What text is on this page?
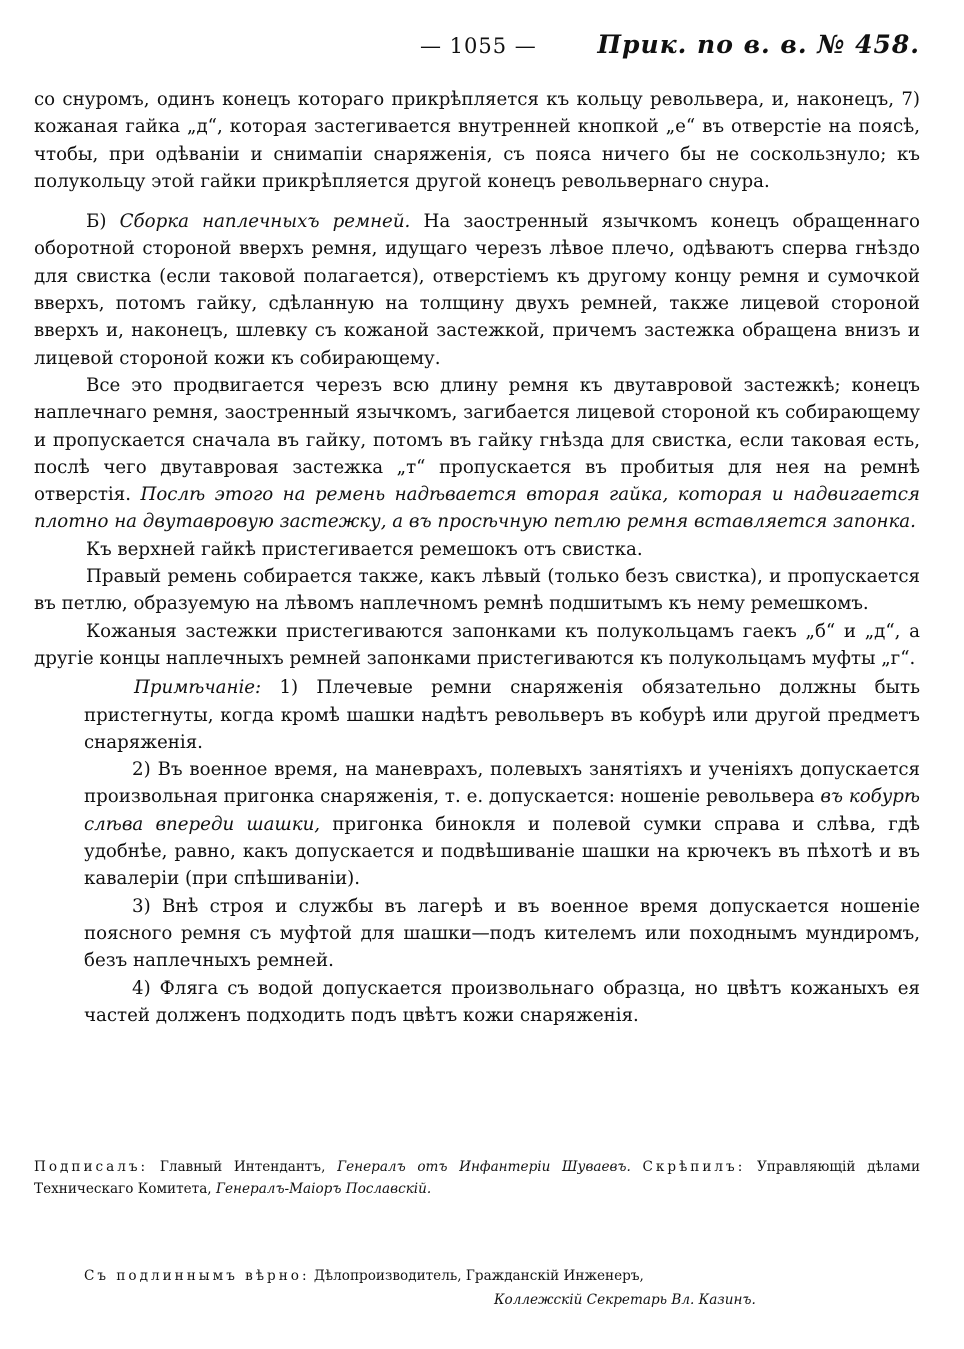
— 1055 — Прик. по в. в. № 458.

со снуромъ, одинъ конецъ котораго прикрѣпляется къ кольцу револьвера, и, наконецъ, 7) кожаная гайка „д“, которая застегивается внутренней кнопкой „е“ въ отверстіе на поясѣ, чтобы, при одѣваніи и снимапіи снаряженія, съ пояса ничего бы не соскользнуло; къ полукольцу этой гайки прикрѣпляется другой конецъ револьвернаго снура.

Б) Сборка наплечныхъ ремней. На заостренный язычкомъ конецъ обращеннаго оборотной стороной вверхъ ремня, идущаго черезъ лѣвое плечо, одѣваютъ сперва гнѣздо для свистка (если таковой полагается), отверстіемъ къ другому концу ремня и сумочкой вверхъ, потомъ гайку, сдѣланную на толщину двухъ ремней, также лицевой стороной вверхъ и, наконецъ, шлевку съ кожаной застежкой, причемъ застежка обращена внизъ и лицевой стороной кожи къ собирающему.

Все это продвигается черезъ всю длину ремня къ двутавровой застежкѣ; конецъ наплечнаго ремня, заостренный язычкомъ, загибается лицевой стороной къ собирающему и пропускается сначала въ гайку, потомъ въ гайку гнѣзда для свистка, если таковая есть, послѣ чего двутавровая застежка „т“ пропускается въ пробитыя для нея на ремнѣ отверстія. Послѣ этого на ремень надѣвается вторая гайка, которая и надвигается плотно на двутавровую застежку, а въ просѣчную петлю ремня вставляется запонка.

Къ верхней гайкѣ пристегивается ремешокъ отъ свистка.

Правый ремень собирается также, какъ лѣвый (только безъ свистка), и пропускается въ петлю, образуемую на лѣвомъ наплечномъ ремнѣ подшитымъ къ нему ремешкомъ.

Кожаныя застежки пристегиваются запонками къ полукольцамъ гаекъ „б“ и „д“, а другіе концы наплечныхъ ремней запонками пристегиваются къ полукольцамъ муфты „г“.

Примѣчаніе: 1) Плечевые ремни снаряженія обязательно должны быть пристегнуты, когда кромѣ шашки надѣтъ револьверъ въ кобурѣ или другой предметъ снаряженія.

2) Въ военное время, на маневрахъ, полевыхъ занятіяхъ и ученіяхъ допускается произвольная пригонка снаряженія, т. е. допускается: ношеніе револьвера въ кобурѣ слѣва впереди шашки, пригонка бинокля и полевой сумки справа и слѣва, гдѣ удобнѣе, равно, какъ допускается и подвѣшиваніе шашки на крючекъ въ пѣхотѣ и въ кавалеріи (при спѣшиваніи).

3) Внѣ строя и службы въ лагерѣ и въ военное время допускается ношеніе поясного ремня съ муфтой для шашки—подъ кителемъ или походнымъ мундиромъ, безъ наплечныхъ ремней.

4) Фляга съ водой допускается произвольнаго образца, но цвѣтъ кожаныхъ ея частей долженъ подходить подъ цвѣтъ кожи снаряженія.

Подписалъ: Главный Интендантъ, Генералъ отъ Инфантеріи Шуваевъ. Скрѣпилъ: Управляющій дѣлами Техническаго Комитета, Генералъ-Маіоръ Пославскій.
Съ подлиннымъ вѣрно: Дѣлопроизводитель, Гражданскій Инженеръ,
Коллежскій Секретарь Вл. Казинъ.
